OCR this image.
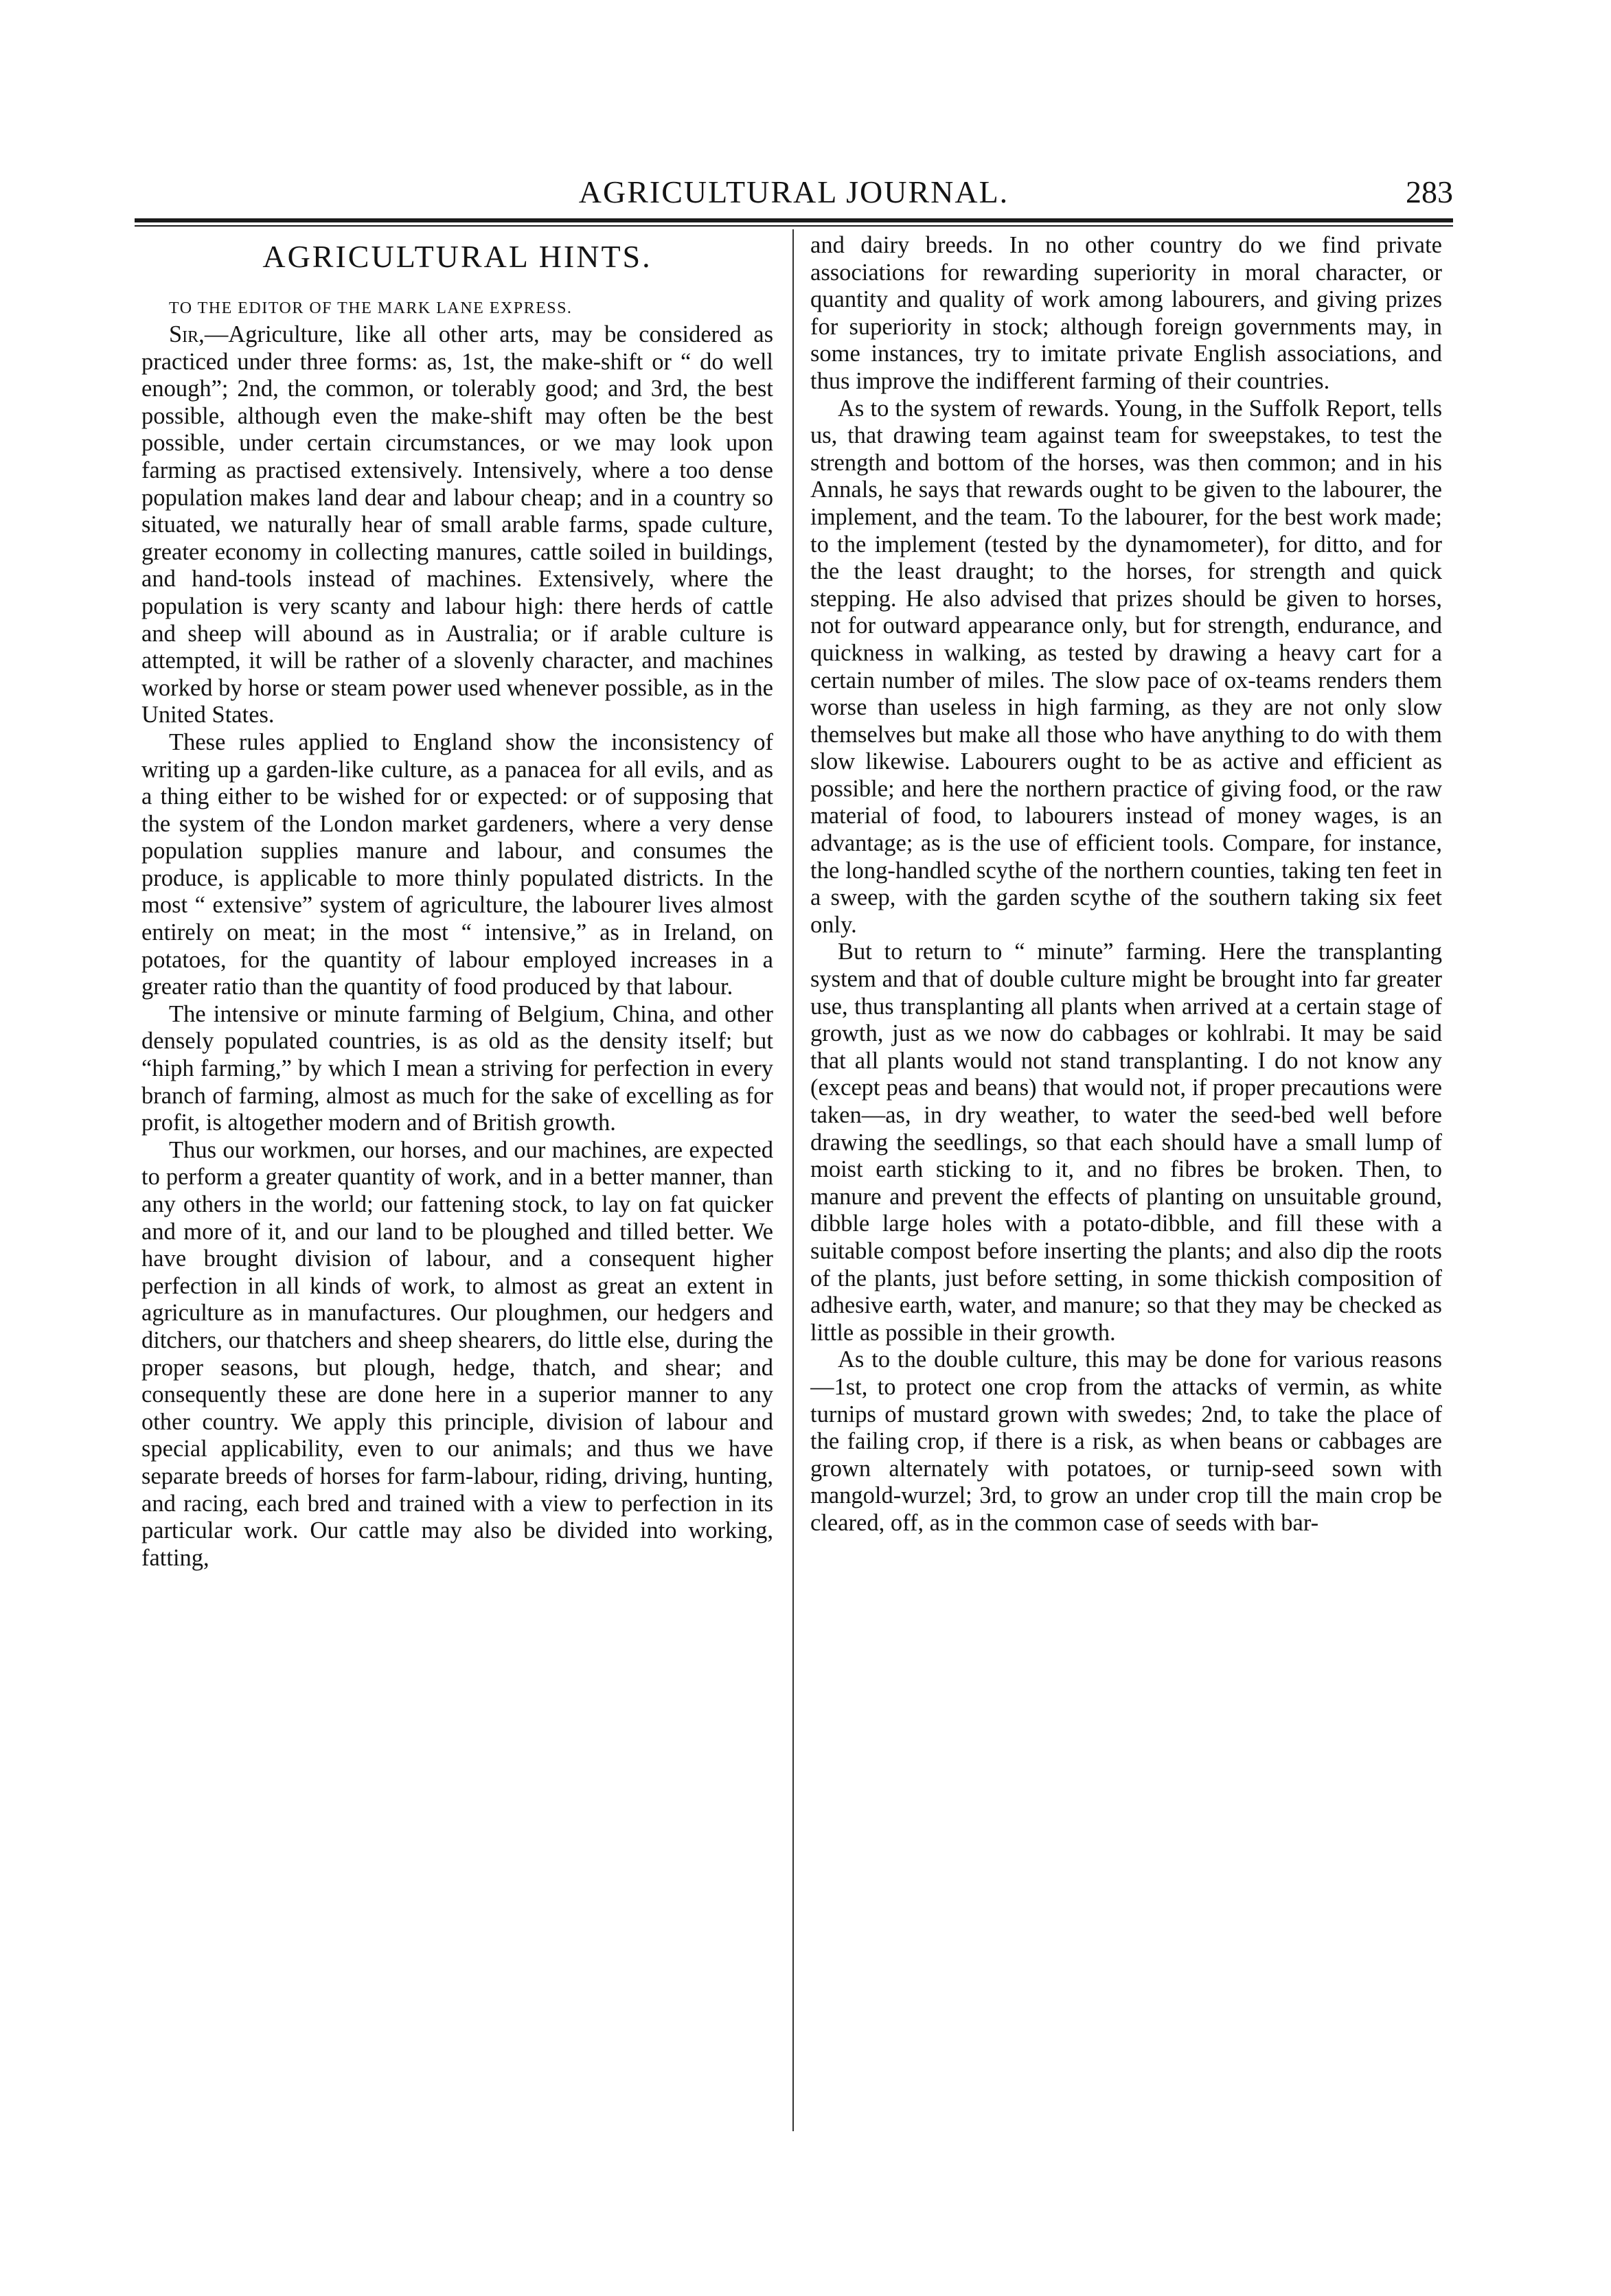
AGRICULTURAL JOURNAL.	283
AGRICULTURAL HINTS.
TO THE EDITOR OF THE MARK LANE EXPRESS.

Sir,—Agriculture, like all other arts, may be considered as practiced under three forms: as, 1st, the make-shift or “ do well enough”; 2nd, the common, or tolerably good; and 3rd, the best possible, although even the make-shift may often be the best possible, under certain circumstances, or we may look upon farming as practised extensively. Intensively, where a too dense population makes land dear and labour cheap; and in a country so situated, we naturally hear of small arable farms, spade culture, greater economy in collecting manures, cattle soiled in buildings, and hand-tools instead of machines. Extensively, where the population is very scanty and labour high: there herds of cattle and sheep will abound as in Australia; or if arable culture is attempted, it will be rather of a slovenly character, and machines worked by horse or steam power used whenever possible, as in the United States.

These rules applied to England show the inconsistency of writing up a garden-like culture, as a panacea for all evils, and as a thing either to be wished for or expected: or of supposing that the system of the London market gardeners, where a very dense population supplies manure and labour, and consumes the produce, is applicable to more thinly populated districts. In the most “ extensive” system of agriculture, the labourer lives almost entirely on meat; in the most “ intensive,” as in Ireland, on potatoes, for the quantity of labour employed increases in a greater ratio than the quantity of food produced by that labour.

The intensive or minute farming of Belgium, China, and other densely populated countries, is as old as the density itself; but “hiph farming,” by which I mean a striving for perfection in every branch of farming, almost as much for the sake of excelling as for profit, is altogether modern and of British growth.

Thus our workmen, our horses, and our machines, are expected to perform a greater quantity of work, and in a better manner, than any others in the world; our fattening stock, to lay on fat quicker and more of it, and our land to be ploughed and tilled better. We have brought division of labour, and a consequent higher perfection in all kinds of work, to almost as great an extent in agriculture as in manufactures. Our ploughmen, our hedgers and ditchers, our thatchers and sheep shearers, do little else, during the proper seasons, but plough, hedge, thatch, and shear; and consequently these are done here in a superior manner to any other country. We apply this principle, division of labour and special applicability, even to our animals; and thus we have separate breeds of horses for farm-labour, riding, driving, hunting, and racing, each bred and trained with a view to perfection in its particular work. Our cattle may also be divided into working, fatting,

and dairy breeds. In no other country do we find private associations for rewarding superiority in moral character, or quantity and quality of work among labourers, and giving prizes for superiority in stock; although foreign governments may, in some instances, try to imitate private English associations, and thus improve the indifferent farming of their countries.

As to the system of rewards. Young, in the Suffolk Report, tells us, that drawing team against team for sweepstakes, to test the strength and bottom of the horses, was then common; and in his Annals, he says that rewards ought to be given to the labourer, the implement, and the team. To the labourer, for the best work made; to the implement (tested by the dynamometer), for ditto, and for the the least draught; to the horses, for strength and quick stepping. He also advised that prizes should be given to horses, not for outward appearance only, but for strength, endurance, and quickness in walking, as tested by drawing a heavy cart for a certain number of miles. The slow pace of ox-teams renders them worse than useless in high farming, as they are not only slow themselves but make all those who have anything to do with them slow likewise. Labourers ought to be as active and efficient as possible; and here the northern practice of giving food, or the raw material of food, to labourers instead of money wages, is an advantage; as is the use of efficient tools. Compare, for instance, the long-handled scythe of the northern counties, taking ten feet in a sweep, with the garden scythe of the southern taking six feet only.

But to return to “ minute” farming. Here the transplanting system and that of double culture might be brought into far greater use, thus transplanting all plants when arrived at a certain stage of growth, just as we now do cabbages or kohlrabi. It may be said that all plants would not stand transplanting. I do not know any (except peas and beans) that would not, if proper precautions were taken—as, in dry weather, to water the seed-bed well before drawing the seedlings, so that each should have a small lump of moist earth sticking to it, and no fibres be broken. Then, to manure and prevent the effects of planting on unsuitable ground, dibble large holes with a potato-dibble, and fill these with a suitable compost before inserting the plants; and also dip the roots of the plants, just before setting, in some thickish composition of adhesive earth, water, and manure; so that they may be checked as little as possible in their growth.

As to the double culture, this may be done for various reasons—1st, to protect one crop from the attacks of vermin, as white turnips of mustard grown with swedes; 2nd, to take the place of the failing crop, if there is a risk, as when beans or cabbages are grown alternately with potatoes, or turnip-seed sown with mangold-wurzel; 3rd, to grow an under crop till the main crop be cleared, off, as in the common case of seeds with bar-
